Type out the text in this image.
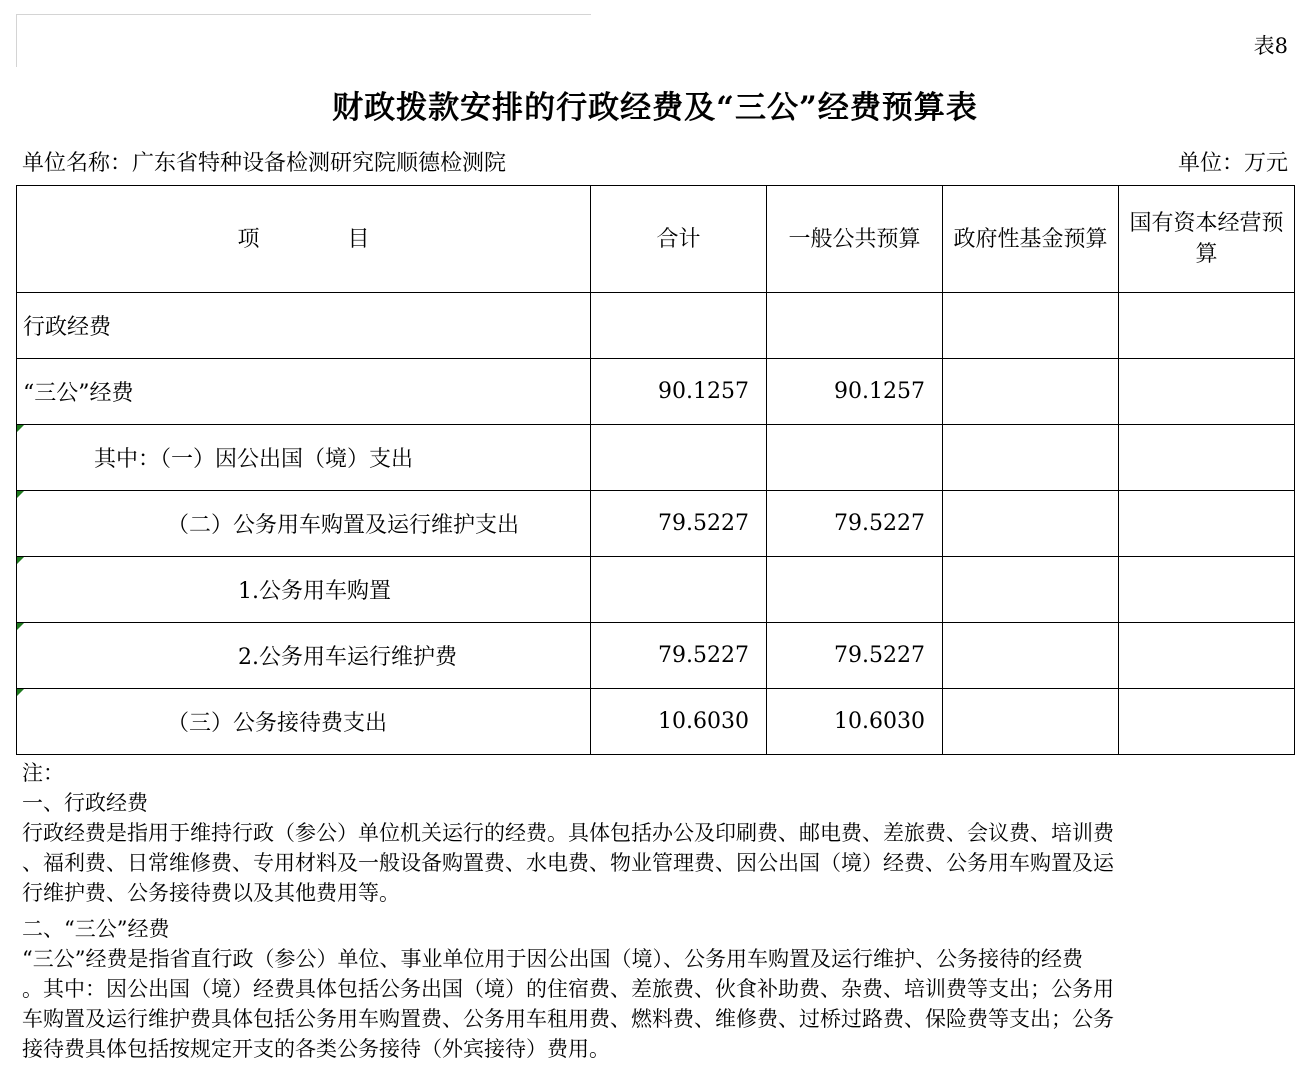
表8
财政拨款安排的行政经费及“三公”经费预算表
单位名称：广东省特种设备检测研究院顺德检测院	单位：万元
项　　　　目	合计	一般公共预算	政府性基金预算	国有资本经营预算
行政经费				
“三公”经费	90.1257	90.1257		

其中：（一）因公出国（境）支出				

（二）公务用车购置及运行维护支出	79.5227	79.5227		

1.公务用车购置				

2.公务用车运行维护费	79.5227	79.5227		

（三）公务接待费支出	10.6030	10.6030		

注：

一、行政经费

行政经费是指用于维持行政（参公）单位机关运行的经费。具体包括办公及印刷费、邮电费、差旅费、会议费、培训费

、福利费、日常维修费、专用材料及一般设备购置费、水电费、物业管理费、因公出国（境）经费、公务用车购置及运

行维护费、公务接待费以及其他费用等。

二、“三公”经费

“三公”经费是指省直行政（参公）单位、事业单位用于因公出国（境）、公务用车购置及运行维护、公务接待的经费

。其中：因公出国（境）经费具体包括公务出国（境）的住宿费、差旅费、伙食补助费、杂费、培训费等支出；公务用

车购置及运行维护费具体包括公务用车购置费、公务用车租用费、燃料费、维修费、过桥过路费、保险费等支出；公务

接待费具体包括按规定开支的各类公务接待（外宾接待）费用。
